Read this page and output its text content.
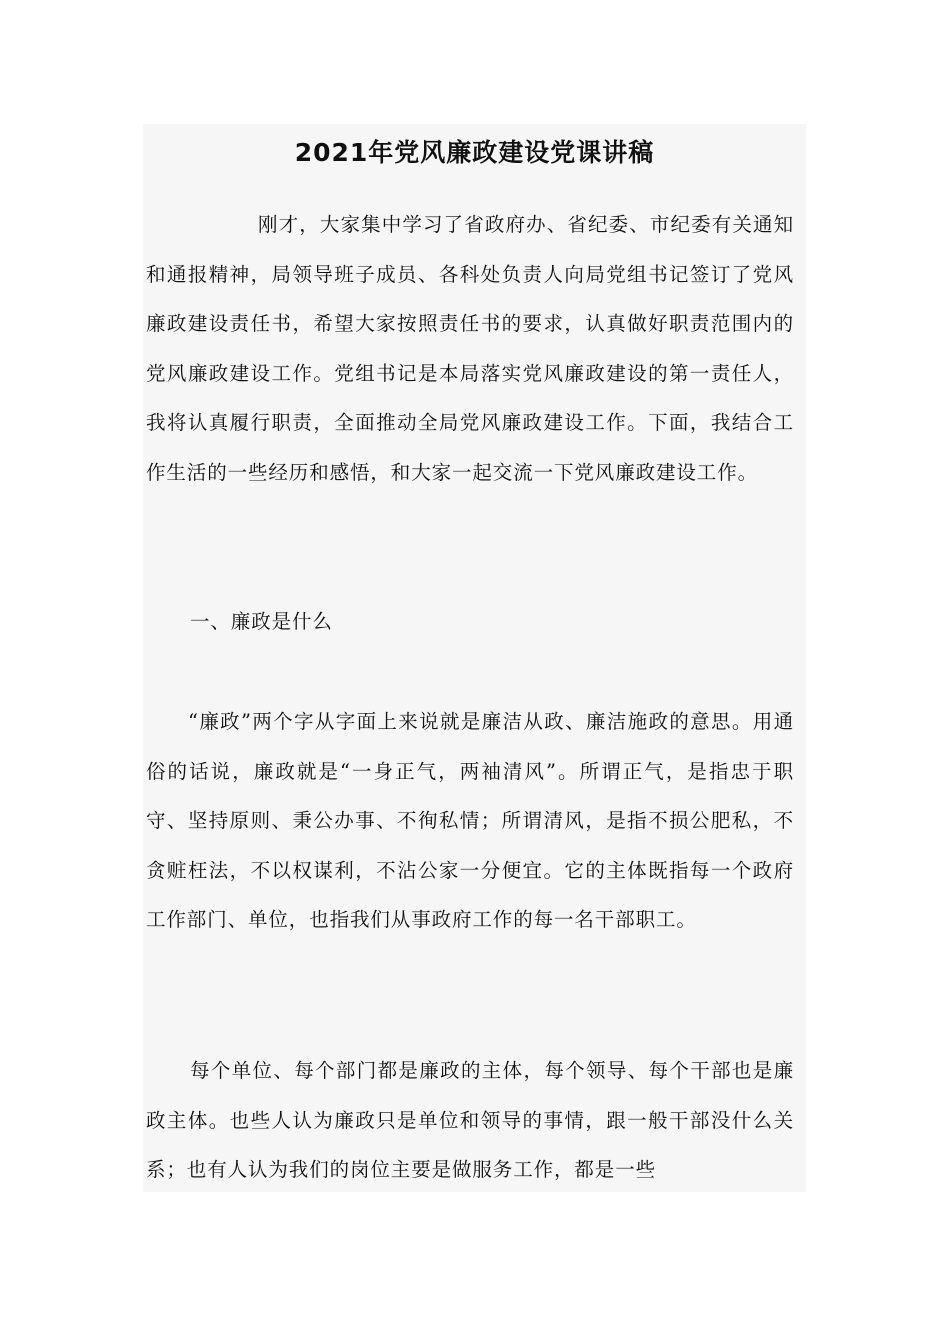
2021年党风廉政建设党课讲稿

刚才，大家集中学习了省政府办、省纪委、市纪委有关通知和通报精神，局领导班子成员、各科处负责人向局党组书记签订了党风廉政建设责任书，希望大家按照责任书的要求，认真做好职责范围内的党风廉政建设工作。党组书记是本局落实党风廉政建设的第一责任人，我将认真履行职责，全面推动全局党风廉政建设工作。下面，我结合工作生活的一些经历和感悟，和大家一起交流一下党风廉政建设工作。

一、廉政是什么

“廉政”两个字从字面上来说就是廉洁从政、廉洁施政的意思。用通俗的话说，廉政就是“一身正气，两袖清风”。所谓正气，是指忠于职守、坚持原则、秉公办事、不徇私情；所谓清风，是指不损公肥私，不贪赃枉法，不以权谋利，不沾公家一分便宜。它的主体既指每一个政府工作部门、单位，也指我们从事政府工作的每一名干部职工。

每个单位、每个部门都是廉政的主体，每个领导、每个干部也是廉政主体。也些人认为廉政只是单位和领导的事情，跟一般干部没什么关系；也有人认为我们的岗位主要是做服务工作，都是一些
